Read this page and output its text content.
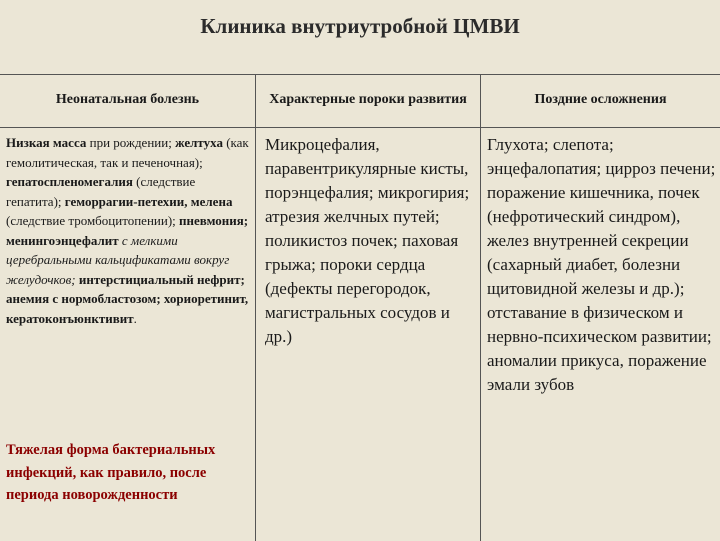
Клиника внутриутробной ЦМВИ
Неонатальная болезнь	Характерные пороки развития	Поздние осложнения
Низкая масса при рождении; желтуха (как гемолитическая, так и печеночная); гепатоспленомегалия (следствие гепатита); геморрагии-петехии, мелена (следствие тромбоцитопении); пневмония; менингоэнцефалит с мелкими церебральными кальцификатами вокруг желудочков; интерстициальный нефрит; анемия с нормобластозом; хориоретинит, кератоконъюнктивит.
Тяжелая форма бактериальных инфекций, как правило, после периода новорожденности
Микроцефалия, паравентрикулярные кисты, порэнцефалия; микрогирия; атрезия желчных путей; поликистоз почек; паховая грыжа; пороки сердца (дефекты перегородок, магистральных сосудов и др.)
Глухота; слепота; энцефалопатия; цирроз печени; поражение кишечника, почек (нефротический синдром), желез внутренней секреции (сахарный диабет, болезни щитовидной железы и др.); отставание в физическом и нервно-психическом развитии; аномалии прикуса, поражение эмали зубов
